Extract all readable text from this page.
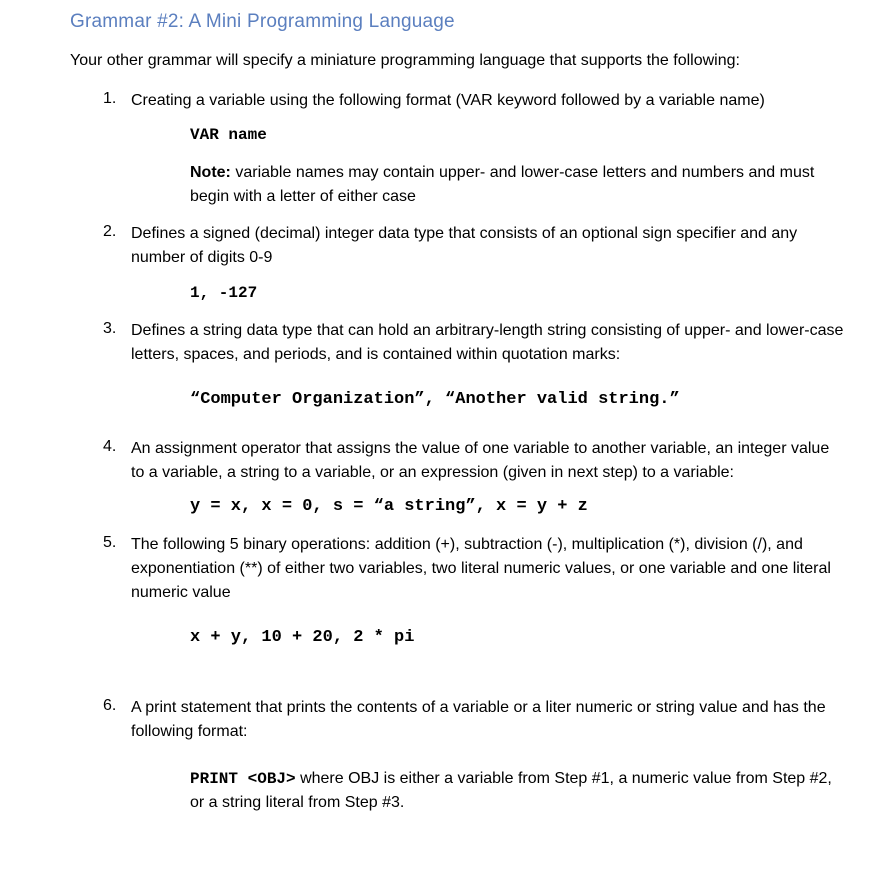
Grammar #2: A Mini Programming Language
Your other grammar will specify a miniature programming language that supports the following:
1. Creating a variable using the following format (VAR keyword followed by a variable name)
VAR name
Note: variable names may contain upper- and lower-case letters and numbers and must begin with a letter of either case
2. Defines a signed (decimal) integer data type that consists of an optional sign specifier and any number of digits 0-9
1, -127
3. Defines a string data type that can hold an arbitrary-length string consisting of upper- and lower-case letters, spaces, and periods, and is contained within quotation marks:
“Computer Organization”, “Another valid string.”
4. An assignment operator that assigns the value of one variable to another variable, an integer value to a variable, a string to a variable, or an expression (given in next step) to a variable:
y = x, x = 0, s = “a string”, x = y + z
5. The following 5 binary operations: addition (+), subtraction (-), multiplication (*), division (/), and exponentiation (**) of either two variables, two literal numeric values, or one variable and one literal numeric value
x + y, 10 + 20, 2 * pi
6. A print statement that prints the contents of a variable or a liter numeric or string value and has the following format:
PRINT <OBJ> where OBJ is either a variable from Step #1, a numeric value from Step #2, or a string literal from Step #3.
